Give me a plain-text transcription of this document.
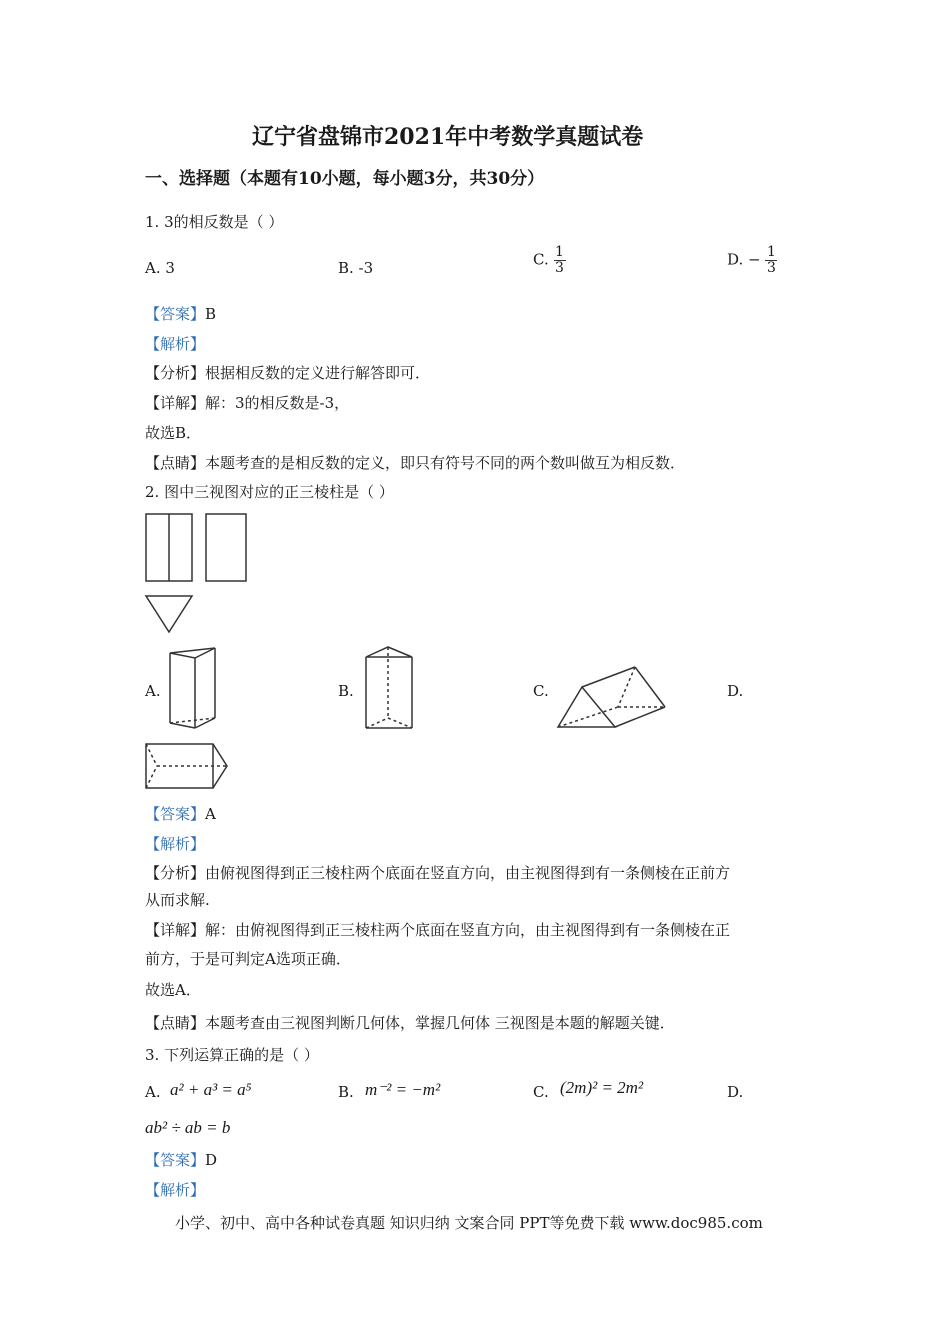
辽宁省盘锦市2021年中考数学真题试卷
一、选择题（本题有10小题，每小题3分，共30分）
1. 3的相反数是（ ）
A. 3	B. -3	C. $\frac{1}{3}$	D. − $\frac{1}{3}$
【答案】B
【解析】
【分析】根据相反数的定义进行解答即可．
【详解】解：3的相反数是-3，
故选B．
【点睛】本题考查的是相反数的定义，即只有符号不同的两个数叫做互为相反数．
2. 图中三视图对应的正三棱柱是（ ）
A.	B.	C.	D.
【答案】A
【解析】
【分析】由俯视图得到正三棱柱两个底面在竖直方向，由主视图得到有一条侧棱在正前方
从而求解.
【详解】解：由俯视图得到正三棱柱两个底面在竖直方向，由主视图得到有一条侧棱在正
前方，于是可判定A选项正确．
故选A．
【点睛】本题考查由三视图判断几何体，掌握几何体 三视图是本题的解题关键．
3. 下列运算正确的是（ ）
A. a² + a³ = a⁵	B. m⁻² = −m²	C. (2m)² = 2m²	D.
ab² ÷ ab = b
【答案】D
【解析】
小学、初中、高中各种试卷真题 知识归纳 文案合同 PPT等免费下载 www.doc985.com
